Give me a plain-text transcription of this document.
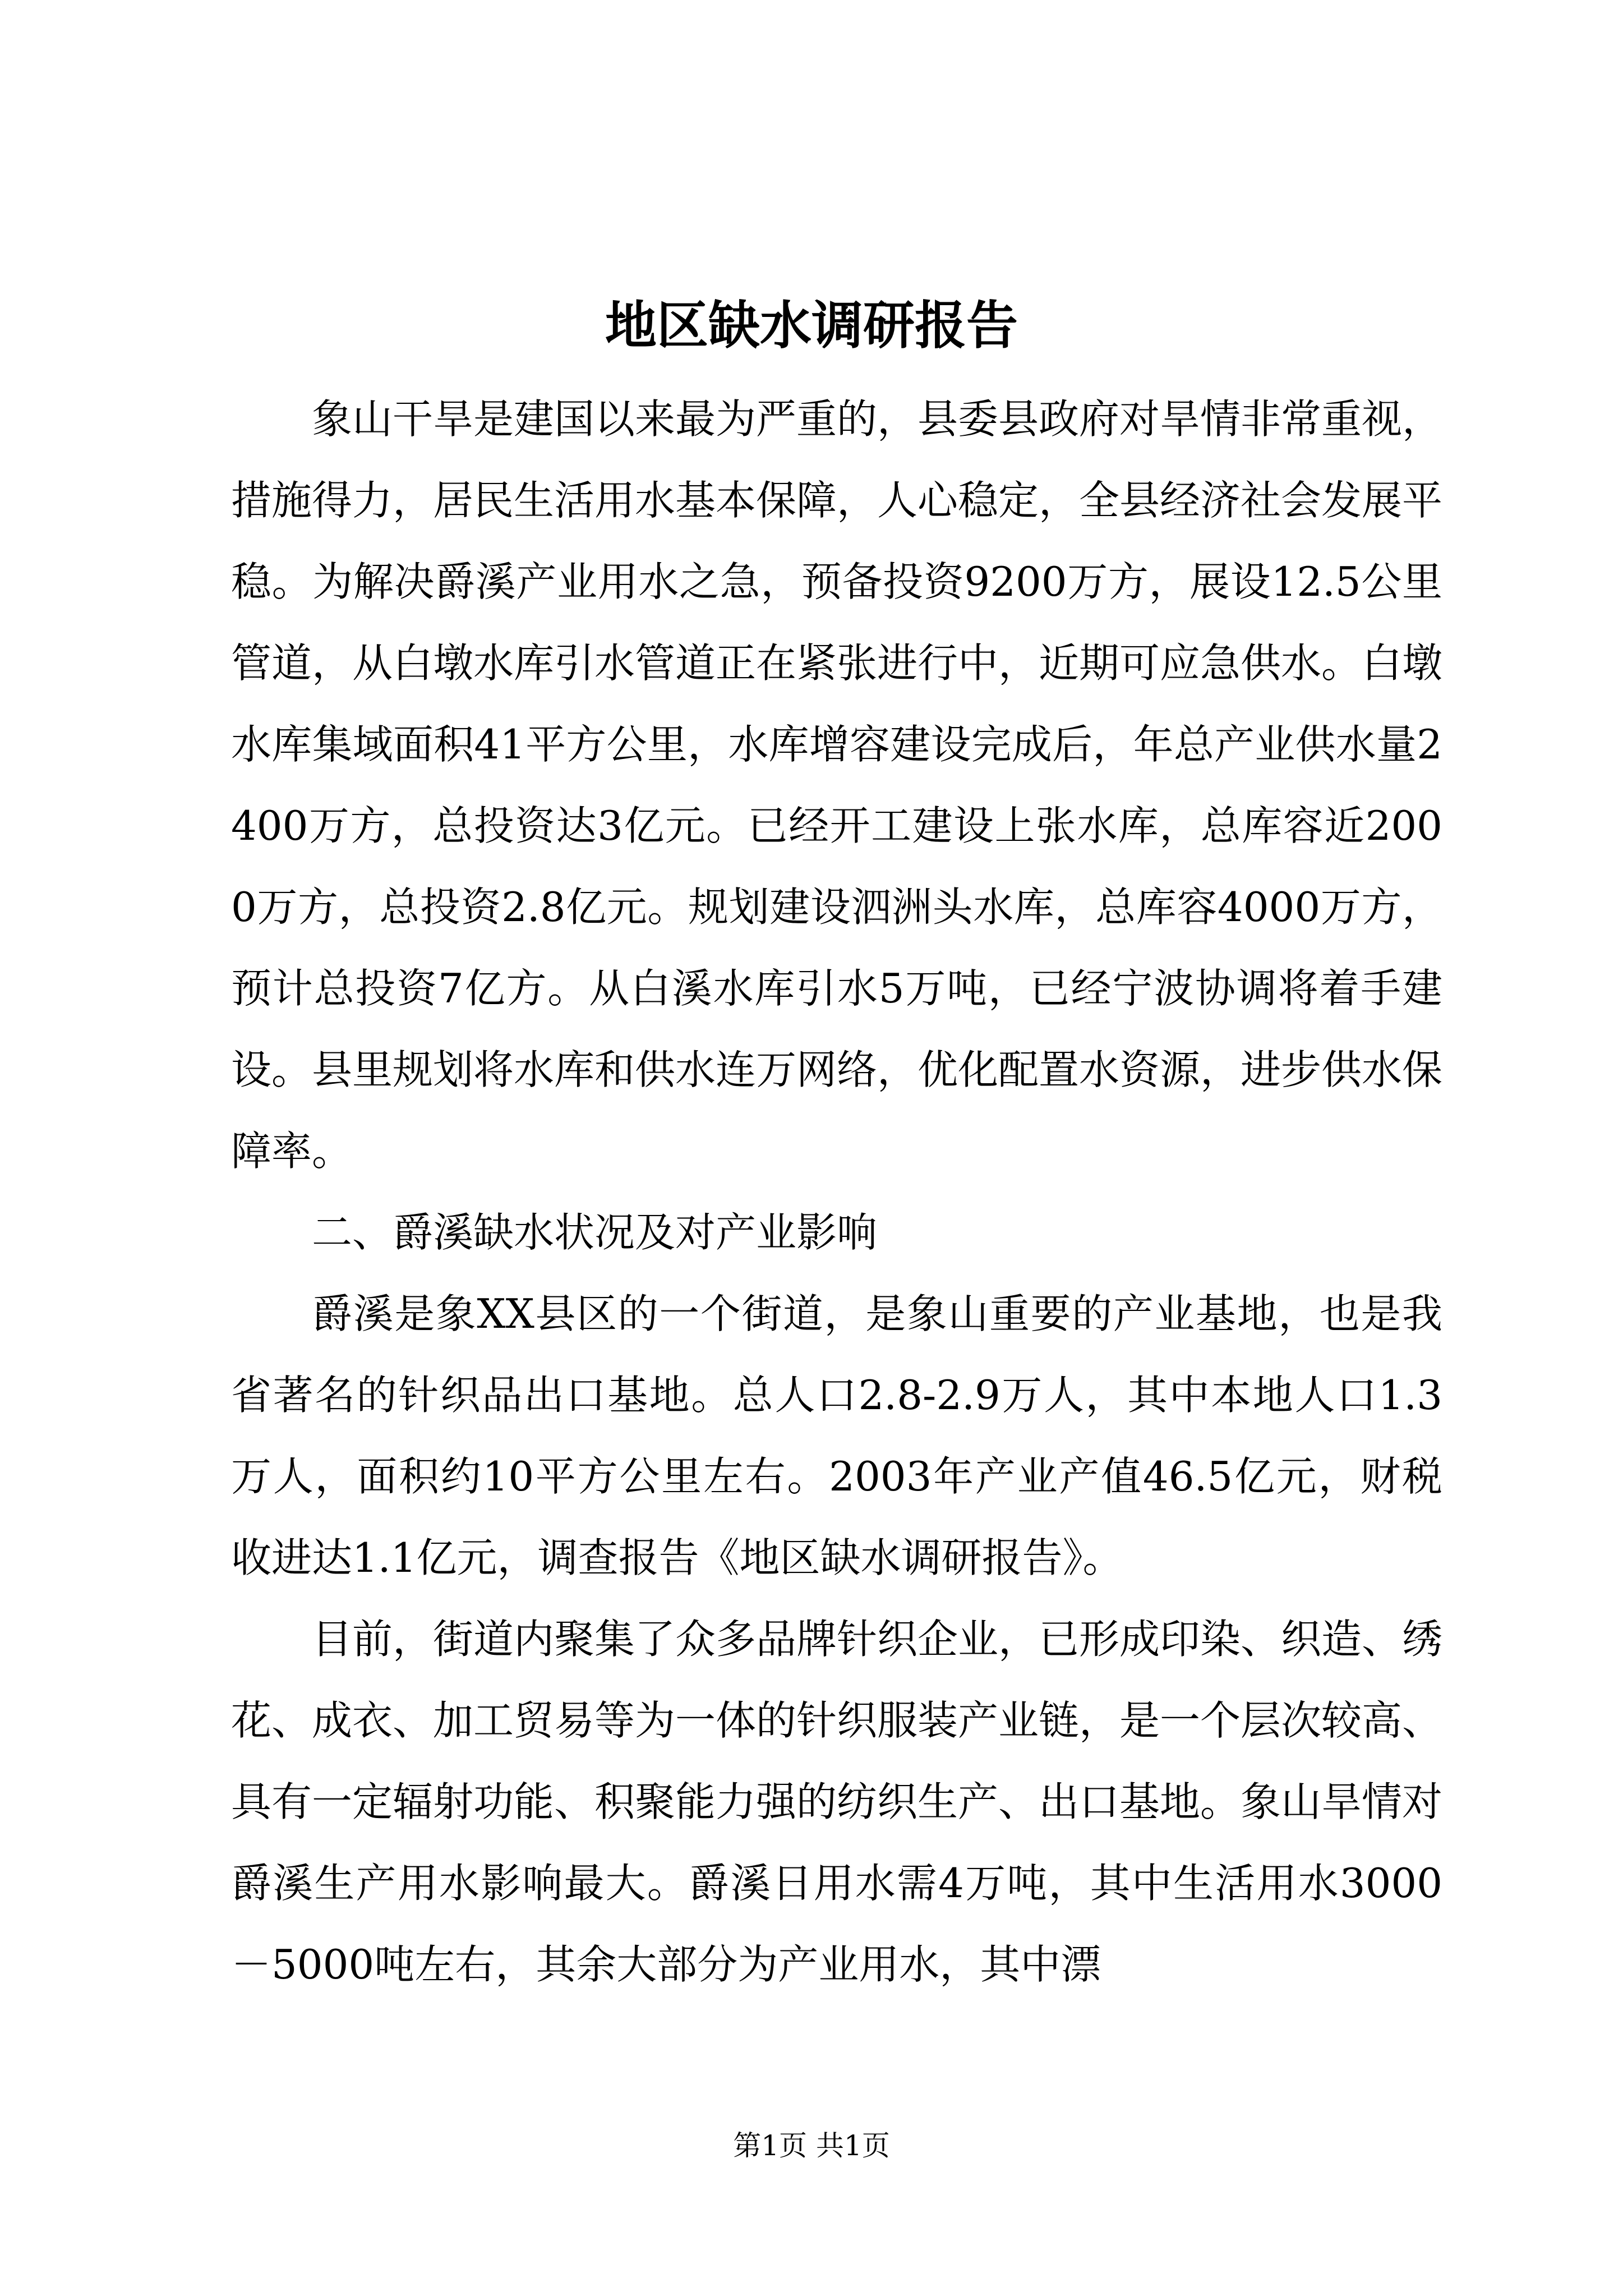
地区缺水调研报告

象山干旱是建国以来最为严重的，县委县政府对旱情非常重视，措施得力，居民生活用水基本保障，人心稳定，全县经济社会发展平稳。为解决爵溪产业用水之急，预备投资9200万方，展设12.5公里管道，从白墩水库引水管道正在紧张进行中，近期可应急供水。白墩水库集域面积41平方公里，水库增容建设完成后，年总产业供水量2400万方，总投资达3亿元。已经开工建设上张水库，总库容近2000万方，总投资2.8亿元。规划建设泗洲头水库，总库容4000万方，预计总投资7亿方。从白溪水库引水5万吨，已经宁波协调将着手建设。县里规划将水库和供水连万网络，优化配置水资源，进步供水保障率。

二、爵溪缺水状况及对产业影响

爵溪是象XX县区的一个街道，是象山重要的产业基地，也是我省著名的针织品出口基地。总人口2.8-2.9万人，其中本地人口1.3万人，面积约10平方公里左右。2003年产业产值46.5亿元，财税收进达1.1亿元，调查报告《地区缺水调研报告》。

目前，街道内聚集了众多品牌针织企业，已形成印染、织造、绣花、成衣、加工贸易等为一体的针织服装产业链，是一个层次较高、具有一定辐射功能、积聚能力强的纺织生产、出口基地。象山旱情对爵溪生产用水影响最大。爵溪日用水需4万吨，其中生活用水3000－5000吨左右，其余大部分为产业用水，其中漂

第1页 共1页
